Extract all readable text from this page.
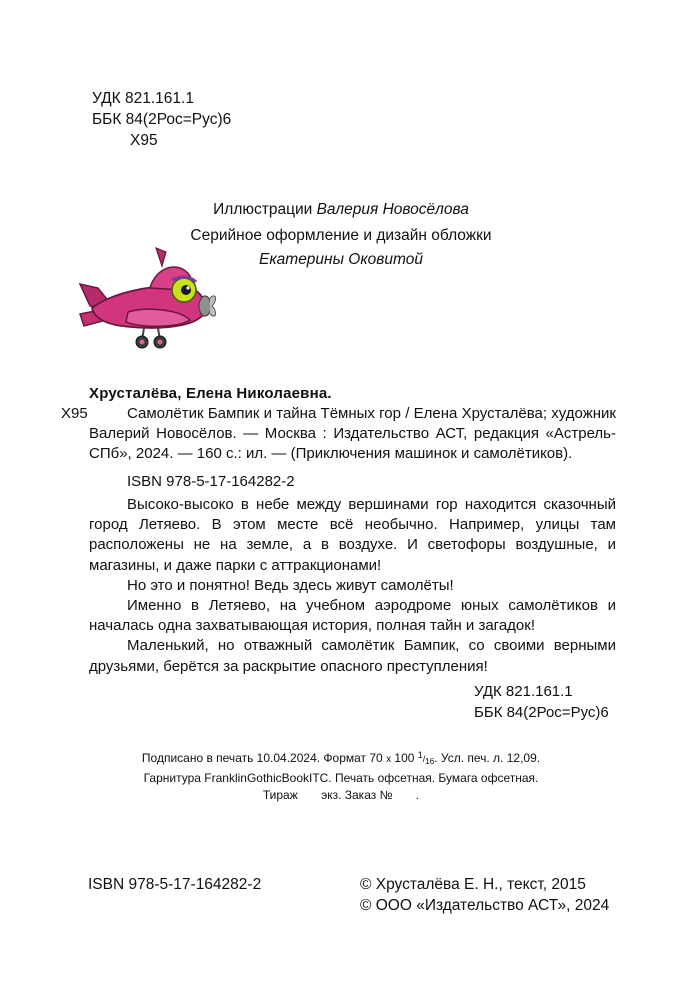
УДК 821.161.1
ББК 84(2Рос=Рус)6
Х95
Иллюстрации Валерия Новосёлова
Серийное оформление и дизайн обложки
Екатерины Оковитой
Хрусталёва, Елена Николаевна.
Х95	Самолётик Бампик и тайна Тёмных гор / Елена Хрусталёва; художник Валерий Новосёлов. — Москва : Издательство АСТ, редакция «Астрель-СПб», 2024. — 160 с.: ил. — (Приключения машинок и самолётиков).
ISBN 978-5-17-164282-2

Высоко-высоко в небе между вершинами гор находится сказочный город Летяево. В этом месте всё необычно. Например, улицы там расположены не на земле, а в воздухе. И светофоры воздушные, и магазины, и даже парки с аттракционами!

Но это и понятно! Ведь здесь живут самолёты!

Именно в Летяево, на учебном аэродроме юных самолётиков и началась одна захватывающая история, полная тайн и загадок!

Маленький, но отважный самолётик Бампик, со своими верными друзьями, берётся за раскрытие опасного преступления!

УДК 821.161.1
ББК 84(2Рос=Рус)6
Подписано в печать 10.04.2024. Формат 70 х 100 $^1/_{16}$. Усл. печ. л. 12,09.
Гарнитура FranklinGothicBookITC. Печать офсетная. Бумага офсетная.
Тираж       экз. Заказ №       .
ISBN 978-5-17-164282-2	© Хрусталёва Е. Н., текст, 2015
© ООО «Издательство АСТ», 2024
